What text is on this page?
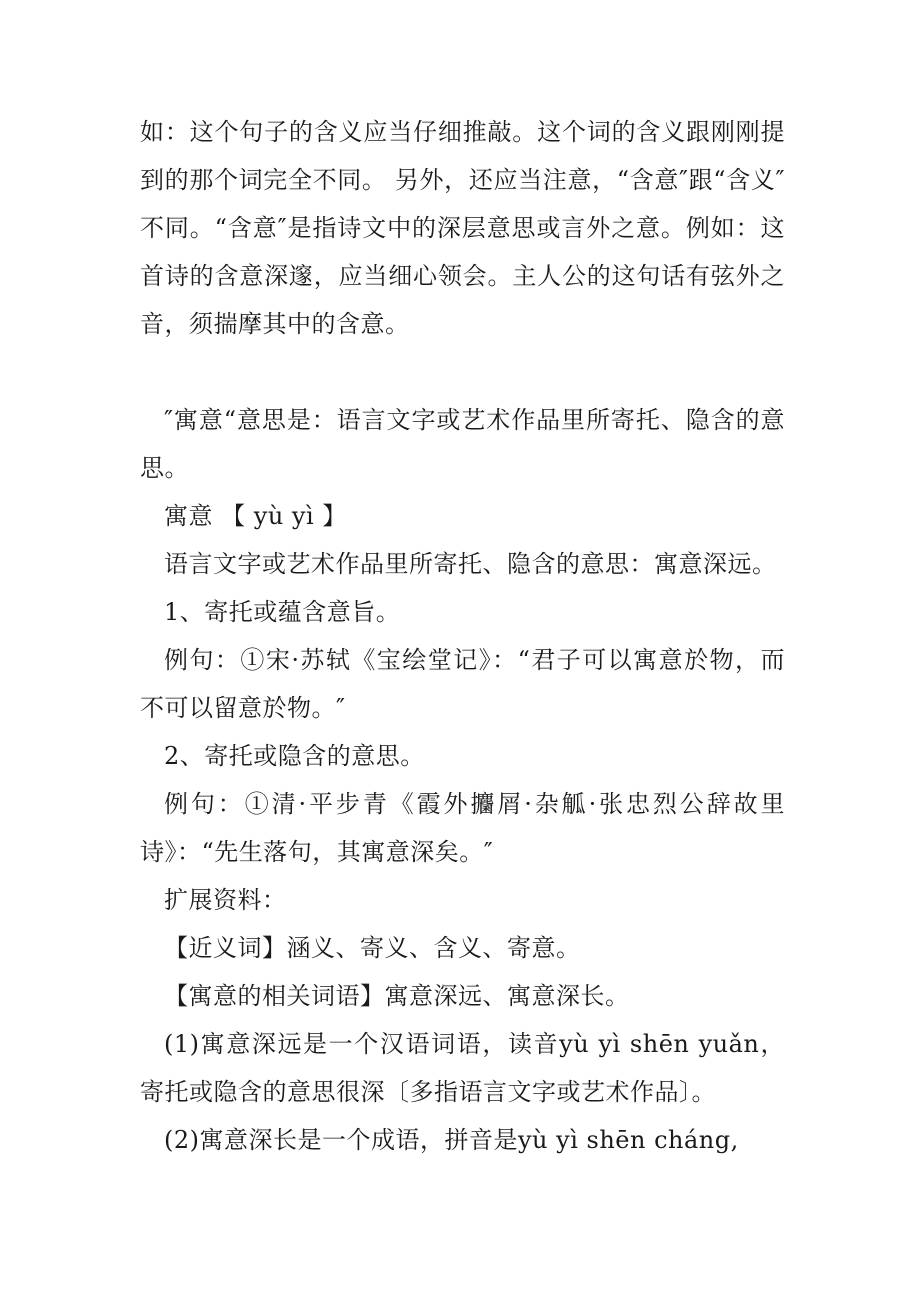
如：这个句子的含义应当仔细推敲。这个词的含义跟刚刚提到的那个词完全不同。 另外，还应当注意，“含意″跟“含义″不同。“含意″是指诗文中的深层意思或言外之意。例如：这首诗的含意深邃，应当细心领会。主人公的这句话有弦外之音，须揣摩其中的含意。

″寓意“意思是：语言文字或艺术作品里所寄托、隐含的意思。

寓意 【 yù yì 】

语言文字或艺术作品里所寄托、隐含的意思：寓意深远。

1、寄托或蕴含意旨。

例句：①宋·苏轼《宝绘堂记》：“君子可以寓意於物，而不可以留意於物。″

2、寄托或隐含的意思。

例句：①清·平步青《霞外攟屑·杂觚·张忠烈公辞故里诗》：“先生落句，其寓意深矣。″

扩展资料：

【近义词】涵义、寄义、含义、寄意。

【寓意的相关词语】寓意深远、寓意深长。

(1)寓意深远是一个汉语词语，读音yù yì shēn yuǎn，寄托或隐含的意思很深〔多指语言文字或艺术作品〕。

(2)寓意深长是一个成语，拼音是yù yì shēn cháng,
